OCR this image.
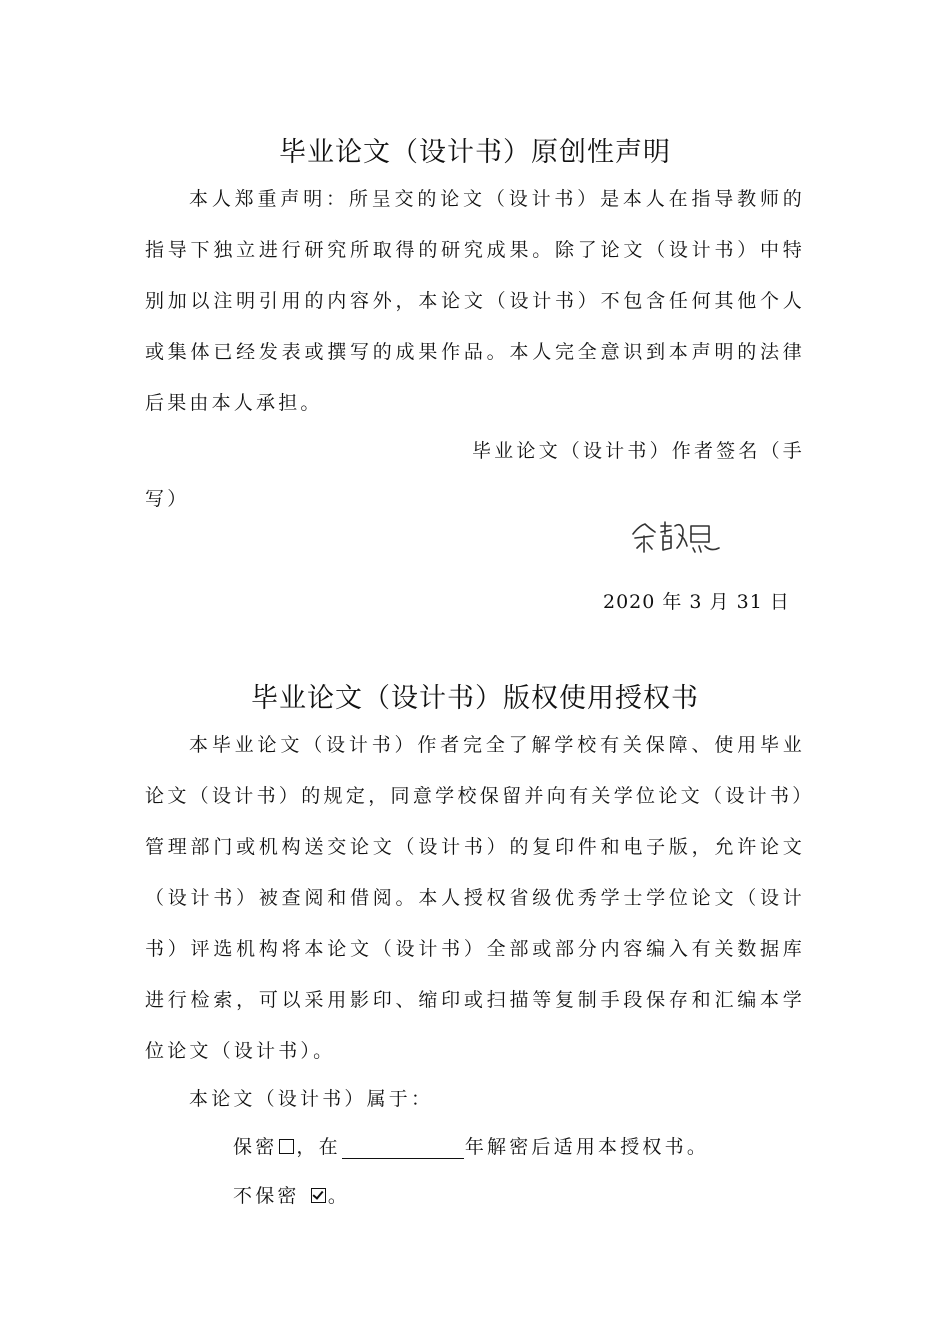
毕业论文（设计书）原创性声明

本人郑重声明：所呈交的论文（设计书）是本人在指导教师的指导下独立进行研究所取得的研究成果。除了论文（设计书）中特别加以注明引用的内容外，本论文（设计书）不包含任何其他个人或集体已经发表或撰写的成果作品。本人完全意识到本声明的法律后果由本人承担。

毕业论文（设计书）作者签名（手

写）

2020 年 3 月 31 日

毕业论文（设计书）版权使用授权书

本毕业论文（设计书）作者完全了解学校有关保障、使用毕业论文（设计书）的规定，同意学校保留并向有关学位论文（设计书）管理部门或机构送交论文（设计书）的复印件和电子版，允许论文（设计书）被查阅和借阅。本人授权省级优秀学士学位论文（设计书）评选机构将本论文（设计书）全部或部分内容编入有关数据库进行检索，可以采用影印、缩印或扫描等复制手段保存和汇编本学位论文（设计书）。

本论文（设计书）属于：

保密 ，在	年解密后适用本授权书。

不保密 。
